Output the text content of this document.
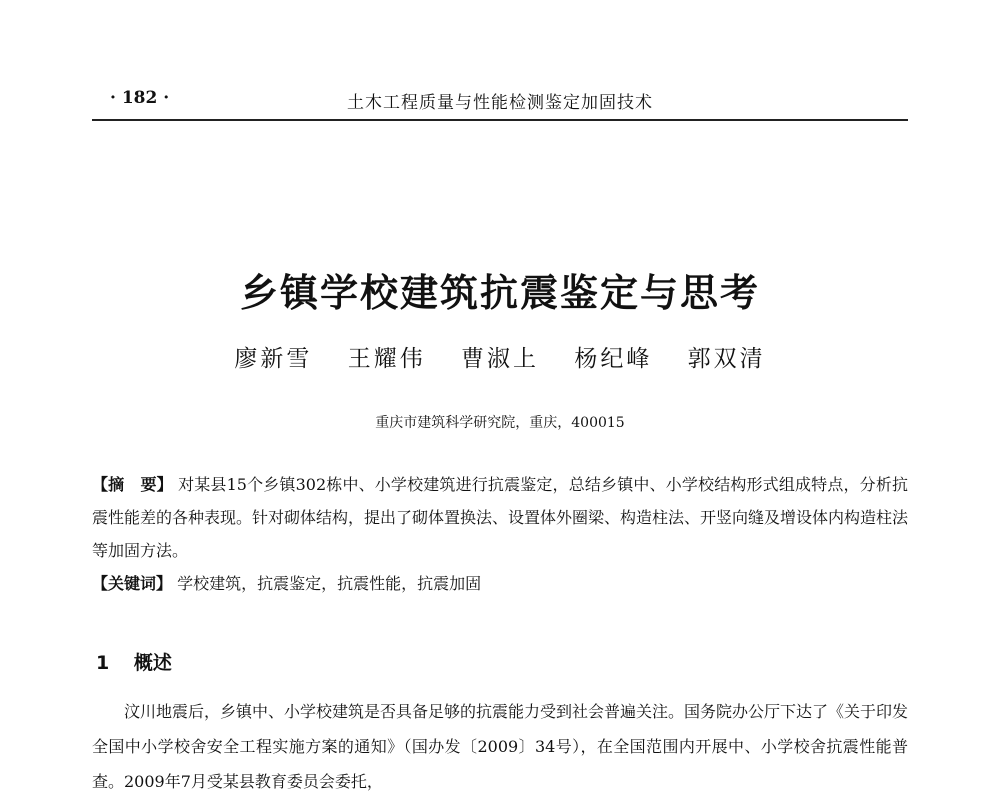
· 182 ·	土木工程质量与性能检测鉴定加固技术
乡镇学校建筑抗震鉴定与思考
廖新雪 王耀伟 曹淑上 杨纪峰 郭双清
重庆市建筑科学研究院，重庆，400015
【摘　要】 对某县15个乡镇302栋中、小学校建筑进行抗震鉴定，总结乡镇中、小学校结构形式组成特点，分析抗震性能差的各种表现。针对砌体结构，提出了砌体置换法、设置体外圈梁、构造柱法、开竖向缝及增设体内构造柱法等加固方法。
【关键词】 学校建筑，抗震鉴定，抗震性能，抗震加固
1 概述
汶川地震后，乡镇中、小学校建筑是否具备足够的抗震能力受到社会普遍关注。国务院办公厅下达了《关于印发全国中小学校舍安全工程实施方案的通知》（国办发〔2009〕34号），在全国范围内开展中、小学校舍抗震性能普查。2009年7月受某县教育委员会委托，
